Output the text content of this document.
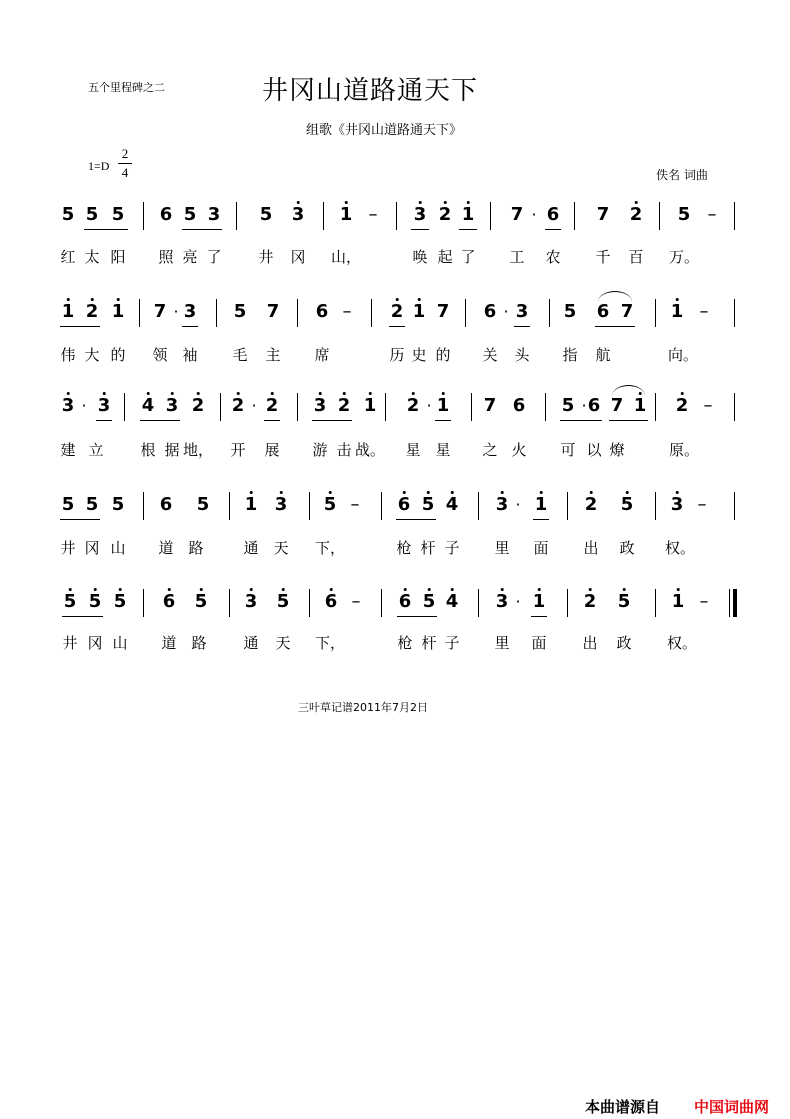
五个里程碑之二	井冈山道路通天下
组歌《井冈山道路通天下》
1=D
2
4	佚名 词曲
5 5 5 6 5 3 5 3 1 – 3 2 1 7 · 6 7 2 5 –
红 太 阳 照 亮 了 井 冈 山，	唤 起 了 工 农 千 百 万。
1 2 1 7 · 3 5 7 6 – 2 1 7 6 · 3 5 6 7 1 –
伟 大 的 领 袖 毛 主 席	历 史 的 关 头 指 航	向。
3 · 3 4 3 2 2 · 2 3 2 1 2 · 1 7 6 5 · 6 7 1 2 –
建 立 根 据 地， 开 展 游 击 战。 星 星 之 火 可 以 燎	原。
5 5 5 6 5 1 3 5 – 6 5 4 3 · 1 2 5 3 –
井 冈 山 道 路	通 天 下，	枪 杆 子 里 面 出 政 权。
5 5 5 6 5 3 5 6 – 6 5 4 3 · 1 2 5 1 –
井 冈 山 道 路 通 天 下，	枪 杆 子 里 面 出 政 权。
三叶草记谱2011年7月2日
本曲谱源自 中国词曲网
